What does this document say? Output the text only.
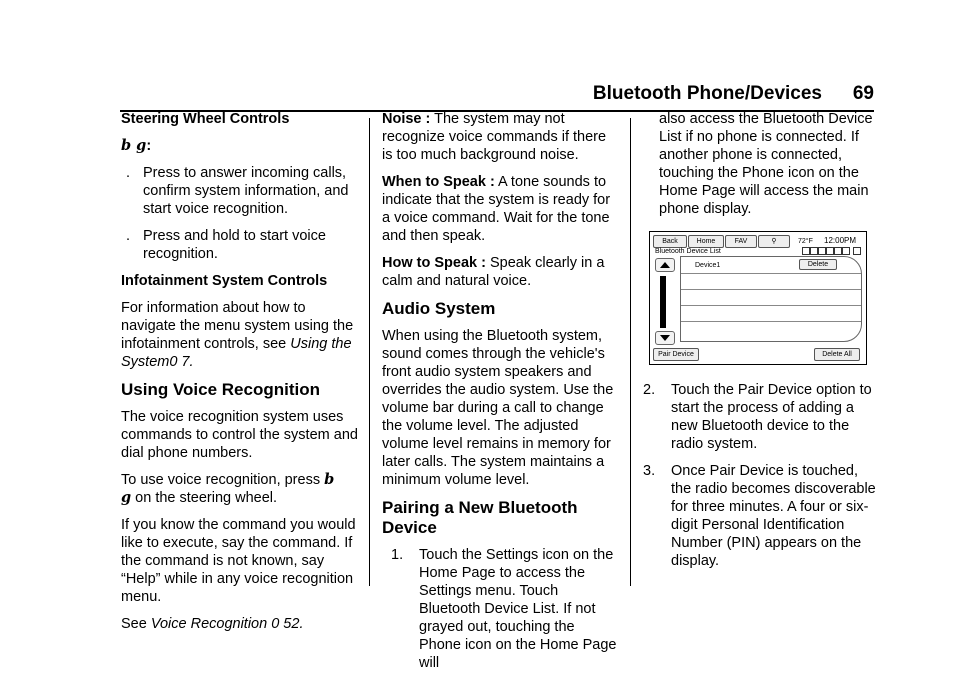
Bluetooth Phone/Devices 69

Steering Wheel Controls

b g:

. Press to answer incoming calls, confirm system information, and start voice recognition.
. Press and hold to start voice recognition.

Infotainment System Controls

For information about how to navigate the menu system using the infotainment controls, see Using the System0 7.

Using Voice Recognition

The voice recognition system uses commands to control the system and dial phone numbers.

To use voice recognition, press b
g on the steering wheel.

If you know the command you would like to execute, say the command. If the command is not known, say “Help” while in any voice recognition menu.

See Voice Recognition 0 52.

Noise : The system may not recognize voice commands if there is too much background noise.

When to Speak : A tone sounds to indicate that the system is ready for a voice command. Wait for the tone and then speak.

How to Speak : Speak clearly in a calm and natural voice.

Audio System

When using the Bluetooth system, sound comes through the vehicle's front audio system speakers and overrides the audio system. Use the volume bar during a call to change the volume level. The adjusted volume level remains in memory for later calls. The system maintains a minimum volume level.

Pairing a New Bluetooth Device
1. Touch the Settings icon on the Home Page to access the Settings menu. Touch Bluetooth Device List. If not grayed out, touching the Phone icon on the Home Page will

also access the Bluetooth Device List if no phone is connected. If another phone is connected, touching the Phone icon on the Home Page will access the main phone display.

Back	Home	FAV	⚲	72°F 12:00PM
Bluetooth Device List
Device1	Delete
Pair Device	Delete All
2. Touch the Pair Device option to start the process of adding a new Bluetooth device to the radio system.
3. Once Pair Device is touched, the radio becomes discoverable for three minutes. A four or six-digit Personal Identification Number (PIN) appears on the display.
